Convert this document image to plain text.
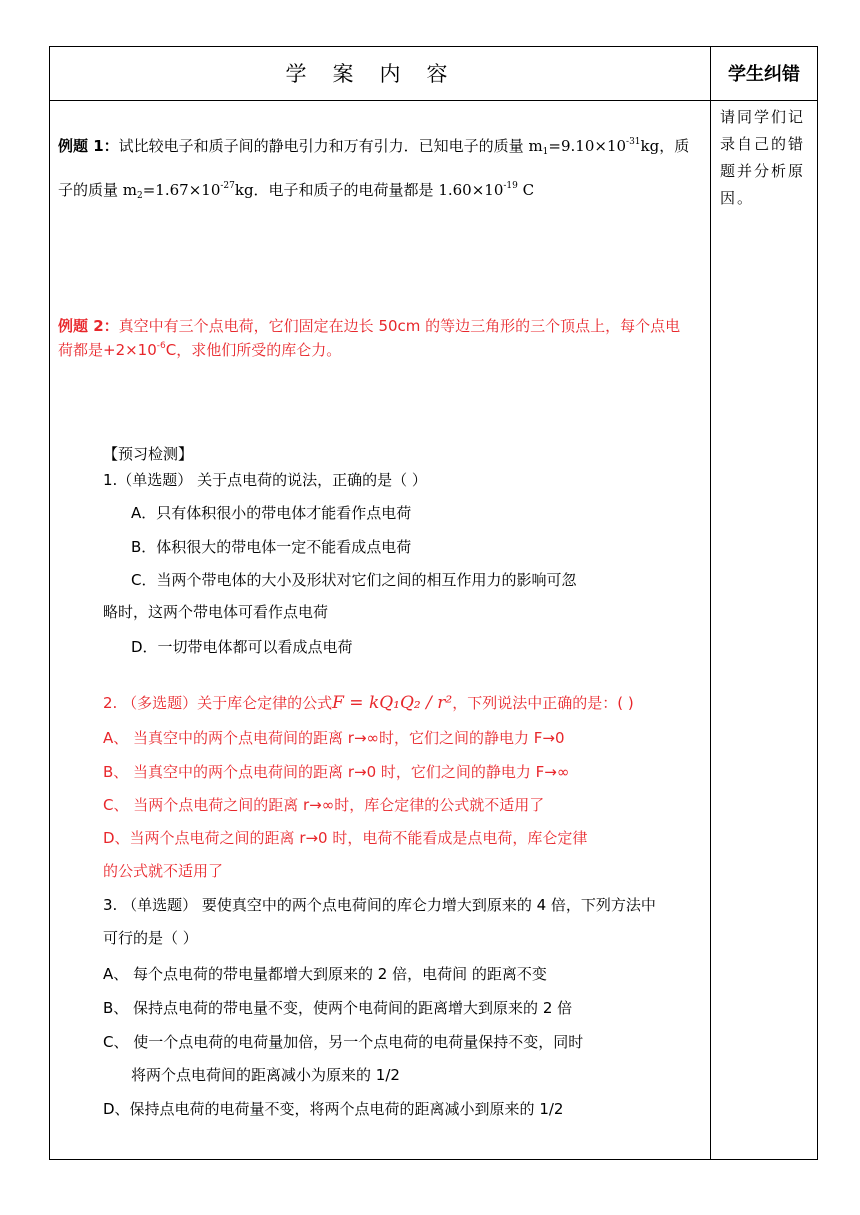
学案内容	学生纠错
请同学们记录自己的错题并分析原因。
例题 1：试比较电子和质子间的静电引力和万有引力．已知电子的质量 $m_1=9.10\times 10^{-31}kg$，质
子的质量 $m_2=1.67\times 10^{-27}kg$．电子和质子的电荷量都是 $1.60\times 10^{-19}$ C
例题 2：真空中有三个点电荷，它们固定在边长 50cm 的等边三角形的三个顶点上，每个点电
荷都是$+2\times 10^{-6}C$，求他们所受的库仑力。
【预习检测】
1.（单选题） 关于点电荷的说法，正确的是（ ）
A．只有体积很小的带电体才能看作点电荷
B．体积很大的带电体一定不能看成点电荷
C．当两个带电体的大小及形状对它们之间的相互作用力的影响可忽
略时，这两个带电体可看作点电荷
D．一切带电体都可以看成点电荷
2. （多选题）关于库仑定律的公式F = kQ₁Q₂ / r²，下列说法中正确的是：( )
A、 当真空中的两个点电荷间的距离 r→∞时，它们之间的静电力 F→0
B、 当真空中的两个点电荷间的距离 r→0 时，它们之间的静电力 F→∞
C、 当两个点电荷之间的距离 r→∞时，库仑定律的公式就不适用了
D、当两个点电荷之间的距离 r→0 时，电荷不能看成是点电荷，库仑定律
的公式就不适用了
3. （单选题） 要使真空中的两个点电荷间的库仑力增大到原来的 4 倍，下列方法中
可行的是（ ）
A、 每个点电荷的带电量都增大到原来的 2 倍，电荷间 的距离不变
B、 保持点电荷的带电量不变，使两个电荷间的距离增大到原来的 2 倍
C、 使一个点电荷的电荷量加倍，另一个点电荷的电荷量保持不变，同时
将两个点电荷间的距离减小为原来的 1/2
D、保持点电荷的电荷量不变，将两个点电荷的距离减小到原来的 1/2
